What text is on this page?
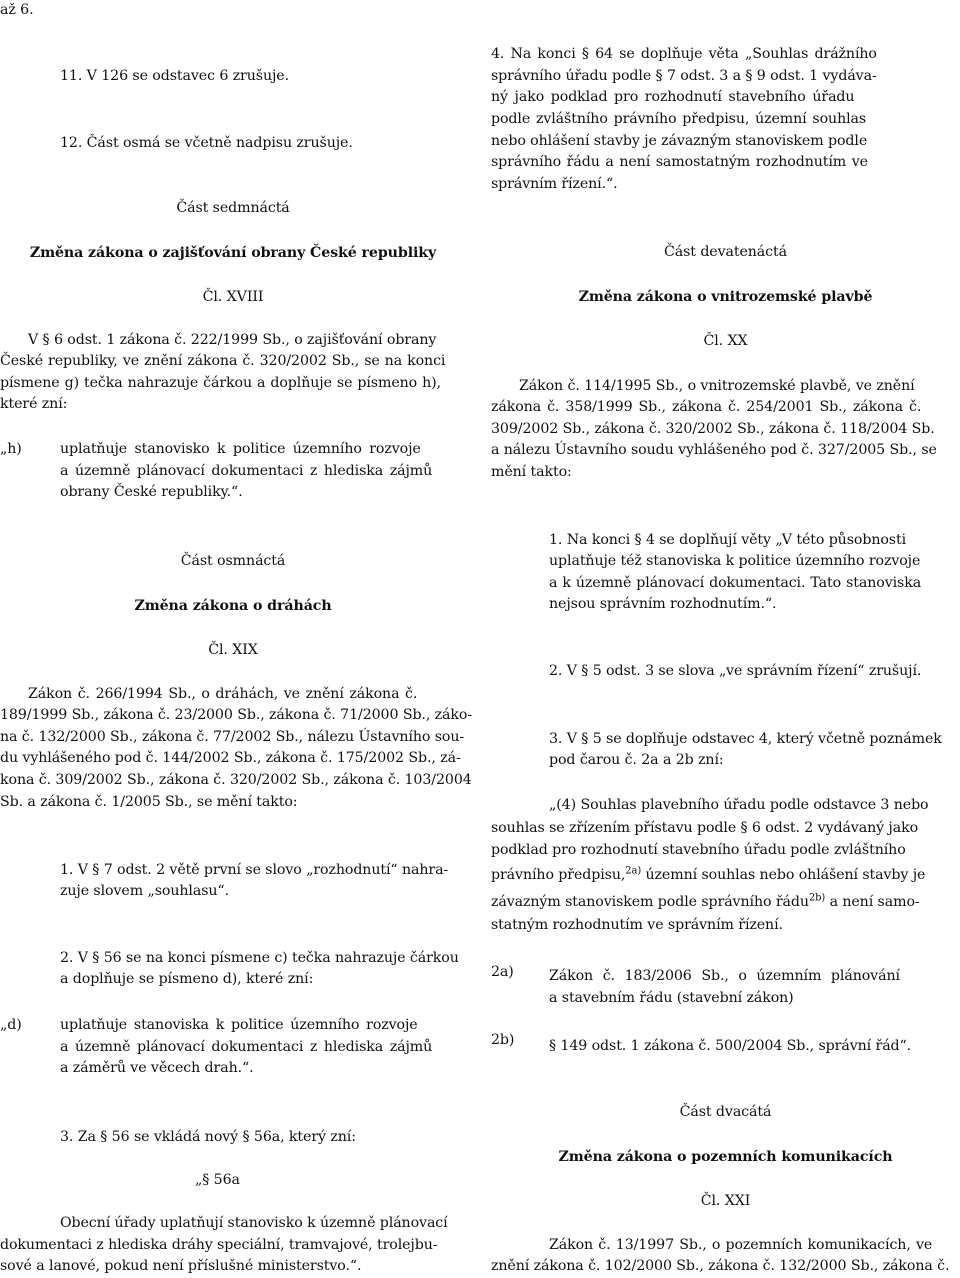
až 6.
11. V 126 se odstavec 6 zrušuje.
12. Část osmá se včetně nadpisu zrušuje.
Část sedmnáctá
Změna zákona o zajišťování obrany České republiky
Čl. XVIII
V § 6 odst. 1 zákona č. 222/1999 Sb., o zajišťování obrany
České republiky, ve znění zákona č. 320/2002 Sb., se na konci
písmene g) tečka nahrazuje čárkou a doplňuje se písmeno h),
které zní:
„h)	uplatňuje stanovisko k politice územního rozvoje
a územně plánovací dokumentaci z hlediska zájmů
obrany České republiky.“.
Část osmnáctá
Změna zákona o dráhách
Čl. XIX
Zákon č. 266/1994 Sb., o dráhách, ve znění zákona č.
189/1999 Sb., zákona č. 23/2000 Sb., zákona č. 71/2000 Sb., záko-
na č. 132/2000 Sb., zákona č. 77/2002 Sb., nálezu Ústavního sou-
du vyhlášeného pod č. 144/2002 Sb., zákona č. 175/2002 Sb., zá-
kona č. 309/2002 Sb., zákona č. 320/2002 Sb., zákona č. 103/2004
Sb. a zákona č. 1/2005 Sb., se mění takto:
1. V § 7 odst. 2 větě první se slovo „rozhodnutí“ nahra-
zuje slovem „souhlasu“.
2. V § 56 se na konci písmene c) tečka nahrazuje čárkou
a doplňuje se písmeno d), které zní:
„d)	uplatňuje stanoviska k politice územního rozvoje
a územně plánovací dokumentaci z hlediska zájmů
a záměrů ve věcech drah.“.
3. Za § 56 se vkládá nový § 56a, který zní:
„§ 56a
Obecní úřady uplatňují stanovisko k územně plánovací
dokumentaci z hlediska dráhy speciální, tramvajové, trolejbu-
sové a lanové, pokud není příslušné ministerstvo.“.
4. Na konci § 64 se doplňuje věta „Souhlas drážního
správního úřadu podle § 7 odst. 3 a § 9 odst. 1 vydáva-
ný jako podklad pro rozhodnutí stavebního úřadu
podle zvláštního právního předpisu, územní souhlas
nebo ohlášení stavby je závazným stanoviskem podle
správního řádu a není samostatným rozhodnutím ve
správním řízení.“.
Část devatenáctá
Změna zákona o vnitrozemské plavbě
Čl. XX
Zákon č. 114/1995 Sb., o vnitrozemské plavbě, ve znění
zákona č. 358/1999 Sb., zákona č. 254/2001 Sb., zákona č.
309/2002 Sb., zákona č. 320/2002 Sb., zákona č. 118/2004 Sb.
a nálezu Ústavního soudu vyhlášeného pod č. 327/2005 Sb., se
mění takto:
1. Na konci § 4 se doplňují věty „V této působnosti
uplatňuje též stanoviska k politice územního rozvoje
a k územně plánovací dokumentaci. Tato stanoviska
nejsou správním rozhodnutím.“.
2. V § 5 odst. 3 se slova „ve správním řízení“ zrušují.
3. V § 5 se doplňuje odstavec 4, který včetně poznámek
pod čarou č. 2a a 2b zní:
„(4) Souhlas plavebního úřadu podle odstavce 3 nebo
souhlas se zřízením přístavu podle § 6 odst. 2 vydávaný jako
podklad pro rozhodnutí stavebního úřadu podle zvláštního
právního předpisu,$^{2a)}$ územní souhlas nebo ohlášení stavby je
závazným stanoviskem podle správního řádu$^{2b)}$ a není samo-
statným rozhodnutím ve správním řízení.
2a) Zákon č. 183/2006 Sb., o územním plánování
a stavebním řádu (stavební zákon)
2b) § 149 odst. 1 zákona č. 500/2004 Sb., správní řád“.
Část dvacátá
Změna zákona o pozemních komunikacích
Čl. XXI
Zákon č. 13/1997 Sb., o pozemních komunikacích, ve
znění zákona č. 102/2000 Sb., zákona č. 132/2000 Sb., zákona č.
